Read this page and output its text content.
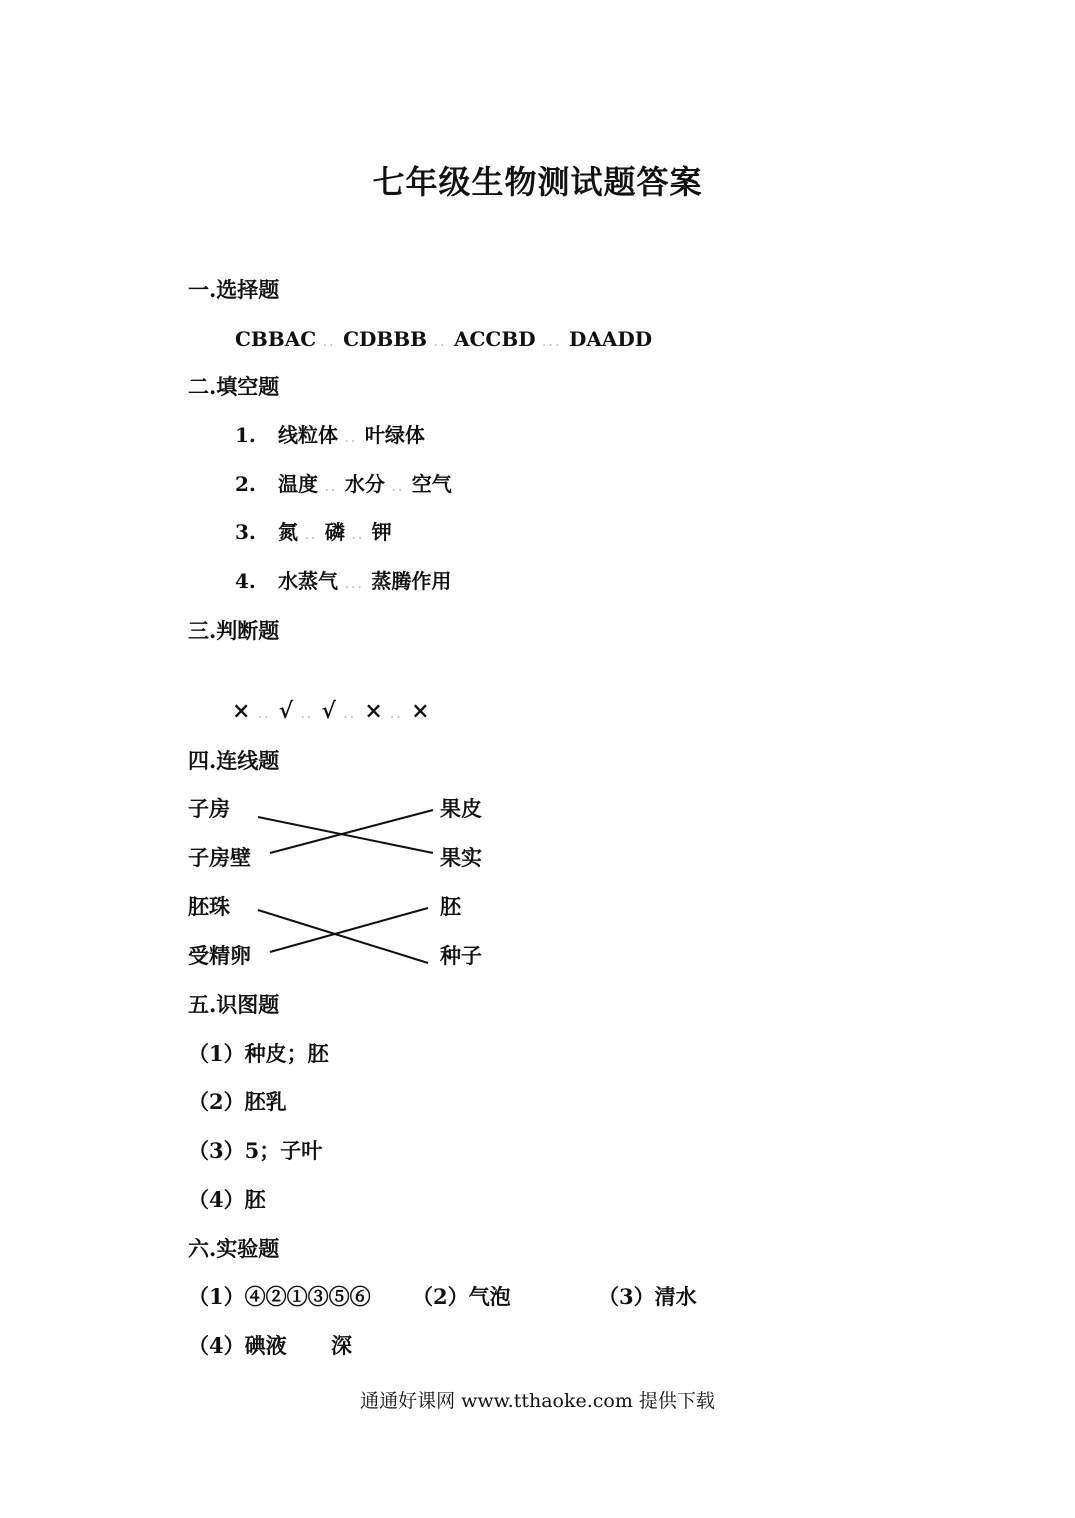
七年级生物测试题答案
一.选择题
CBBAC .. CDBBB .. ACCBD ... DAADD
二.填空题
1. 线粒体 .. 叶绿体
2. 温度 .. 水分 .. 空气
3. 氮 .. 磷 .. 钾
4. 水蒸气 ... 蒸腾作用
三.判断题
× .. √ .. √ .. × .. ×
四.连线题
子房
子房壁
胚珠
受精卵
果皮
果实
胚
种子
五.识图题
（1）种皮；胚
（2）胚乳
（3）5；子叶
（4）胚
六.实验题
（1）④②①③⑤⑥ （2）气泡	（3）清水
（4）碘液 深
通通好课网 www.tthaoke.com 提供下载
